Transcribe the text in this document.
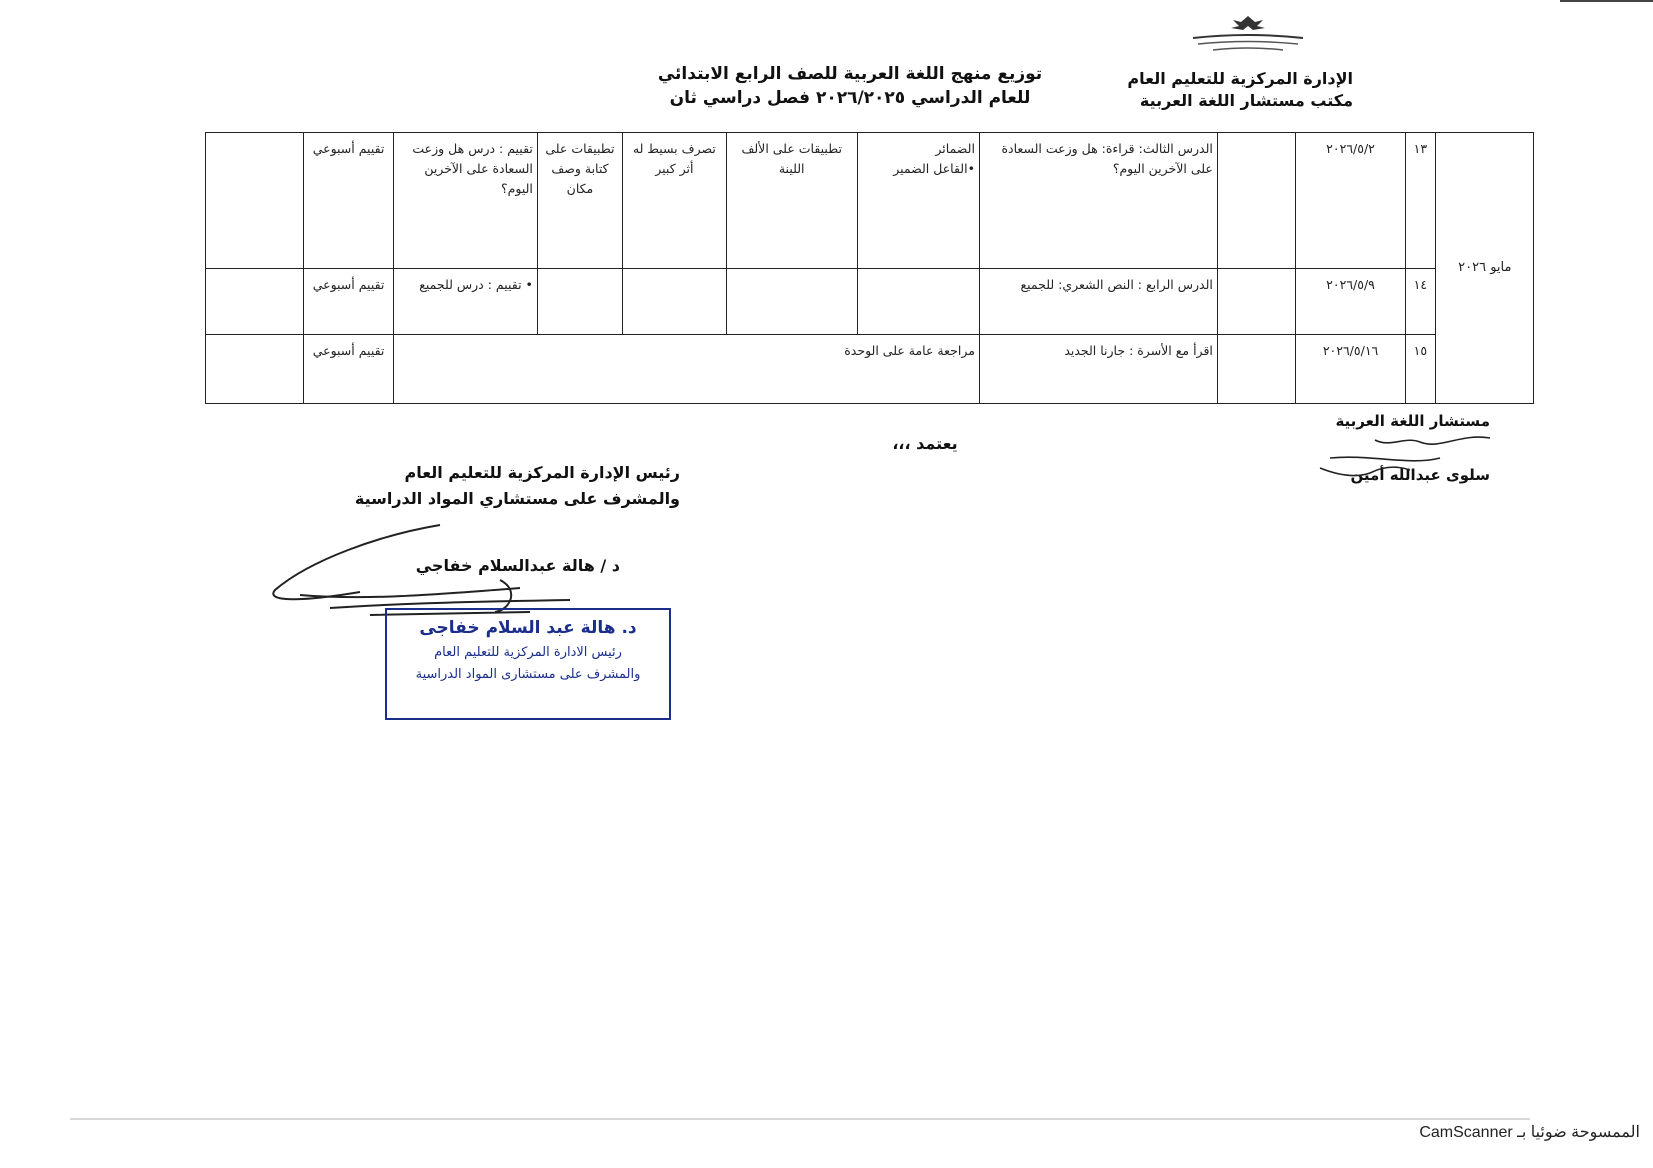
الإدارة المركزية للتعليم العام
مكتب مستشار اللغة العربية
توزيع منهج اللغة العربية للصف الرابع الابتدائي
للعام الدراسي ٢٠٢٦/٢٠٢٥ فصل دراسي ثان
	مايو ٢٠٢٦	١٣	٢٠٢٦/٥/٢		الدرس الثالث: قراءة: هل وزعت السعادة على الآخرين اليوم؟	الضمائر
•القاعل الضمير	تطبيقات على الألف اللينة	تصرف بسيط له أثر كبير	تطبيقات على كتابة وصف مكان	تقييم : درس هل وزعت السعادة على الآخرين اليوم؟	تقييم أسبوعي	
		١٤	٢٠٢٦/٥/٩		الدرس الرابع : النص الشعري: للجميع					• تقييم : درس للجميع	تقييم أسبوعي	
		١٥	٢٠٢٦/٥/١٦		اقرأ مع الأسرة : جارنا الجديد	مراجعة عامة على الوحدة					تقييم أسبوعي	
مستشار اللغة العربية
سلوى عبدالله أمين
يعتمد ،،،
رئيس الإدارة المركزية للتعليم العام
والمشرف على مستشاري المواد الدراسية
د / هالة عبدالسلام خفاجي
د. هالة عبد السلام خفاجى
رئيس الادارة المركزية للتعليم العام
والمشرف على مستشارى المواد الدراسية
الممسوحة ضوئيا بـ CamScanner
